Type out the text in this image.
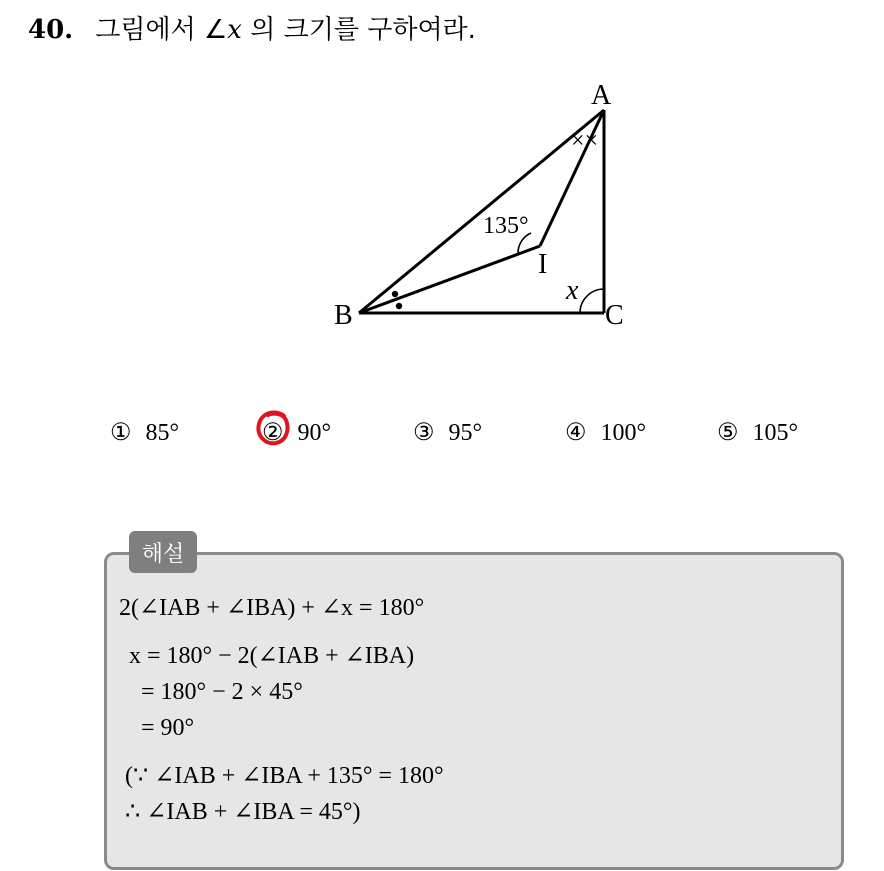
40. 그림에서 ∠x 의 크기를 구하여라.
A
B	C
I
135°
x
××
① 85°	② 90°	③ 95°	④ 100°	⑤ 105°
해설
2(∠IAB + ∠IBA) + ∠x = 180°
x = 180° − 2(∠IAB + ∠IBA)
= 180° − 2 × 45°
= 90°
(∵ ∠IAB + ∠IBA + 135° = 180°
∴ ∠IAB + ∠IBA = 45°)
